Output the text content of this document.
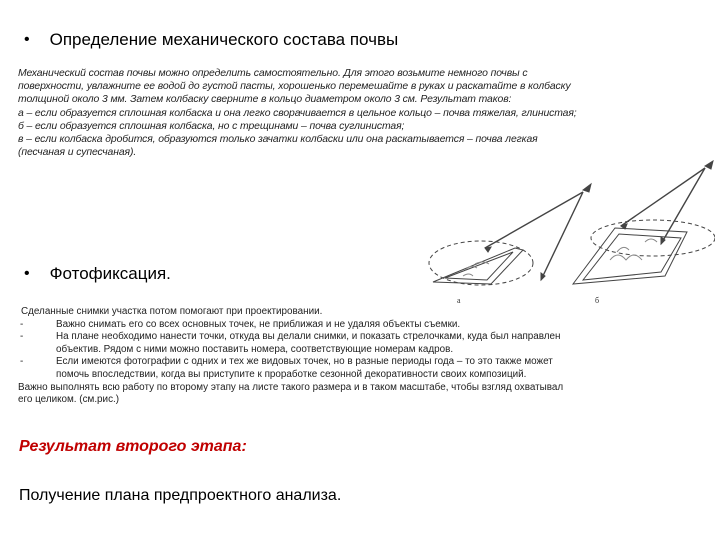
• Определение механического состава почвы
Механический состав почвы можно определить самостоятельно. Для этого возьмите немного почвы с
поверхности, увлажните ее водой до густой пасты, хорошенько перемешайте в руках и раскатайте в колбаску
толщиной около 3 мм. Затем колбаску сверните в кольцо диаметром около 3 см. Результат таков:
а – если образуется сплошная колбаска и она легко сворачивается в цельное кольцо – почва тяжелая, глинистая;
б – если образуется сплошная колбаска, но с трещинами – почва суглинистая;
в – если колбаска дробится, образуются только зачатки колбаски или она раскатывается – почва легкая
(песчаная и супесчаная).
а	б
• Фотофиксация.
Сделанные снимки участка потом помогают при проектировании.
-	Важно снимать его со всех основных точек, не приближая и не удаляя объекты съемки.
-	На плане необходимо нанести точки, откуда вы делали снимки, и показать стрелочками, куда был направлен
объектив. Рядом с ними можно поставить номера, соответствующие номерам кадров.
-	Если имеются фотографии с одних и тех же видовых точек, но в разные периоды года – то это также может
помочь впоследствии, когда вы приступите к проработке сезонной декоративности своих композиций.
Важно выполнять всю работу по второму этапу на листе такого размера и в таком масштабе, чтобы взгляд охватывал
его целиком. (см.рис.)
Результат второго этапа:
Получение плана предпроектного анализа.
